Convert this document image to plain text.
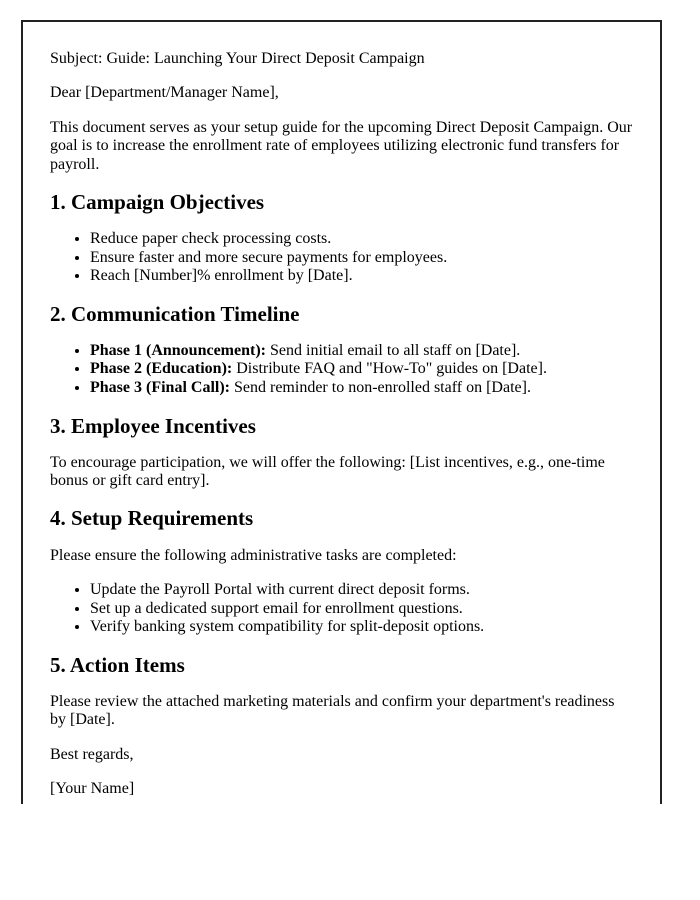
Subject: Guide: Launching Your Direct Deposit Campaign

Dear [Department/Manager Name],

This document serves as your setup guide for the upcoming Direct Deposit Campaign. Our goal is to increase the enrollment rate of employees utilizing electronic fund transfers for payroll.

1. Campaign Objectives
• Reduce paper check processing costs.
• Ensure faster and more secure payments for employees.
• Reach [Number]% enrollment by [Date].
2. Communication Timeline
• Phase 1 (Announcement): Send initial email to all staff on [Date].
• Phase 2 (Education): Distribute FAQ and "How-To" guides on [Date].
• Phase 3 (Final Call): Send reminder to non-enrolled staff on [Date].
3. Employee Incentives

To encourage participation, we will offer the following: [List incentives, e.g., one-time bonus or gift card entry].

4. Setup Requirements

Please ensure the following administrative tasks are completed:

• Update the Payroll Portal with current direct deposit forms.
• Set up a dedicated support email for enrollment questions.
• Verify banking system compatibility for split-deposit options.
5. Action Items

Please review the attached marketing materials and confirm your department's readiness by [Date].

Best regards,

[Your Name]
